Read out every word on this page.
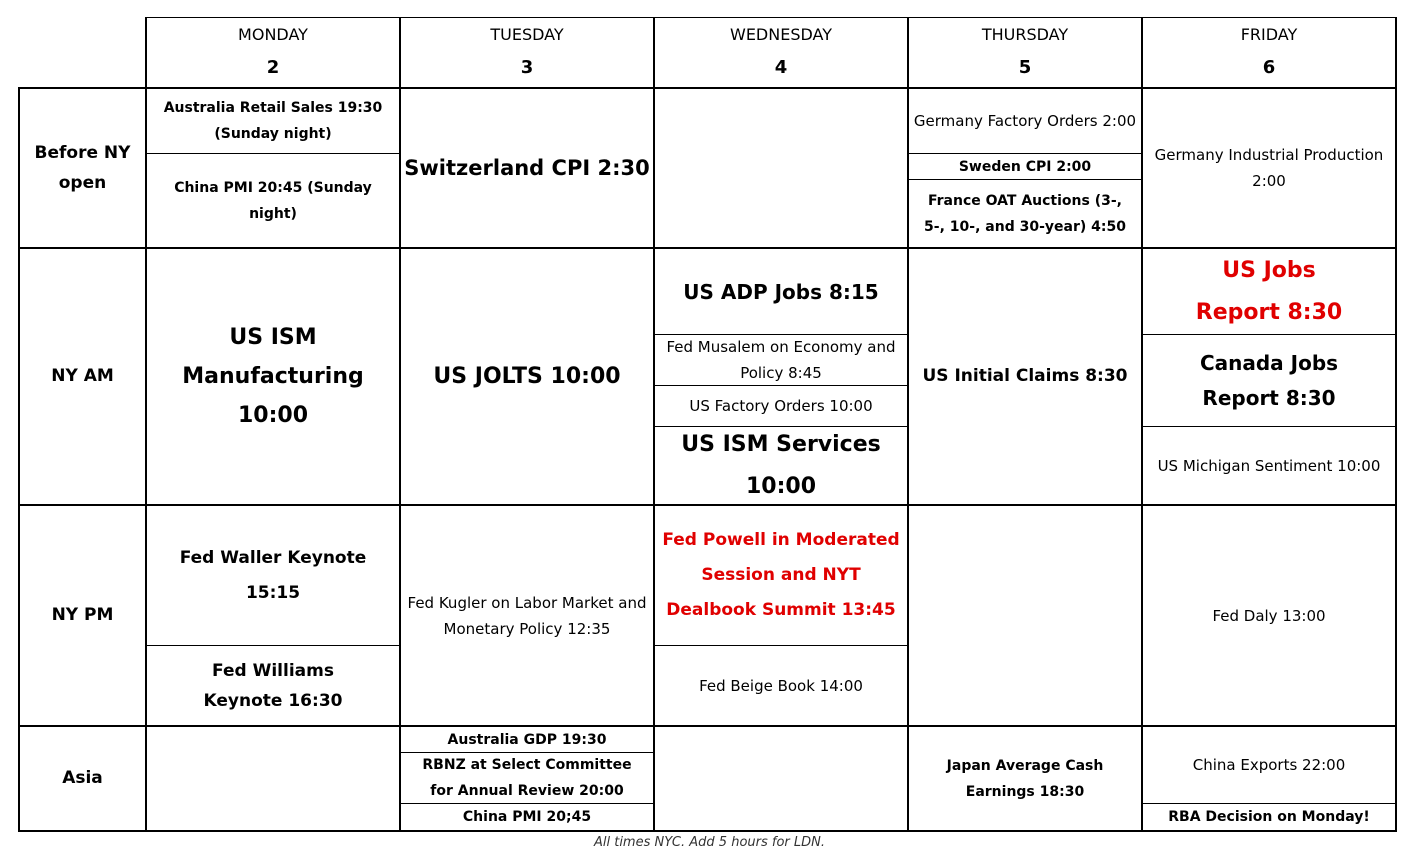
MONDAY
2
TUESDAY
3
WEDNESDAY
4
THURSDAY
5
FRIDAY
6
Before NY open
NY AM
NY PM
Asia
Australia Retail Sales 19:30 (Sunday night)
China PMI 20:45 (Sunday night)
Switzerland CPI 2:30
Germany Factory Orders 2:00
Sweden CPI 2:00
France OAT Auctions (3-, 5-, 10-, and 30-year) 4:50
Germany Industrial Production 2:00
US ISM Manufacturing 10:00
US JOLTS 10:00
US ADP Jobs 8:15
Fed Musalem on Economy and Policy 8:45
US Factory Orders 10:00
US ISM Services 10:00
US Initial Claims 8:30
US Jobs Report 8:30
Canada Jobs Report 8:30
US Michigan Sentiment 10:00
Fed Waller Keynote 15:15
Fed Williams Keynote 16:30
Fed Kugler on Labor Market and Monetary Policy 12:35
Fed Powell in Moderated Session and NYT Dealbook Summit 13:45
Fed Beige Book 14:00
Fed Daly 13:00
Australia GDP 19:30
RBNZ at Select Committee for Annual Review 20:00
China PMI 20;45
Japan Average Cash Earnings 18:30
China Exports 22:00
RBA Decision on Monday!
All times NYC. Add 5 hours for LDN.
